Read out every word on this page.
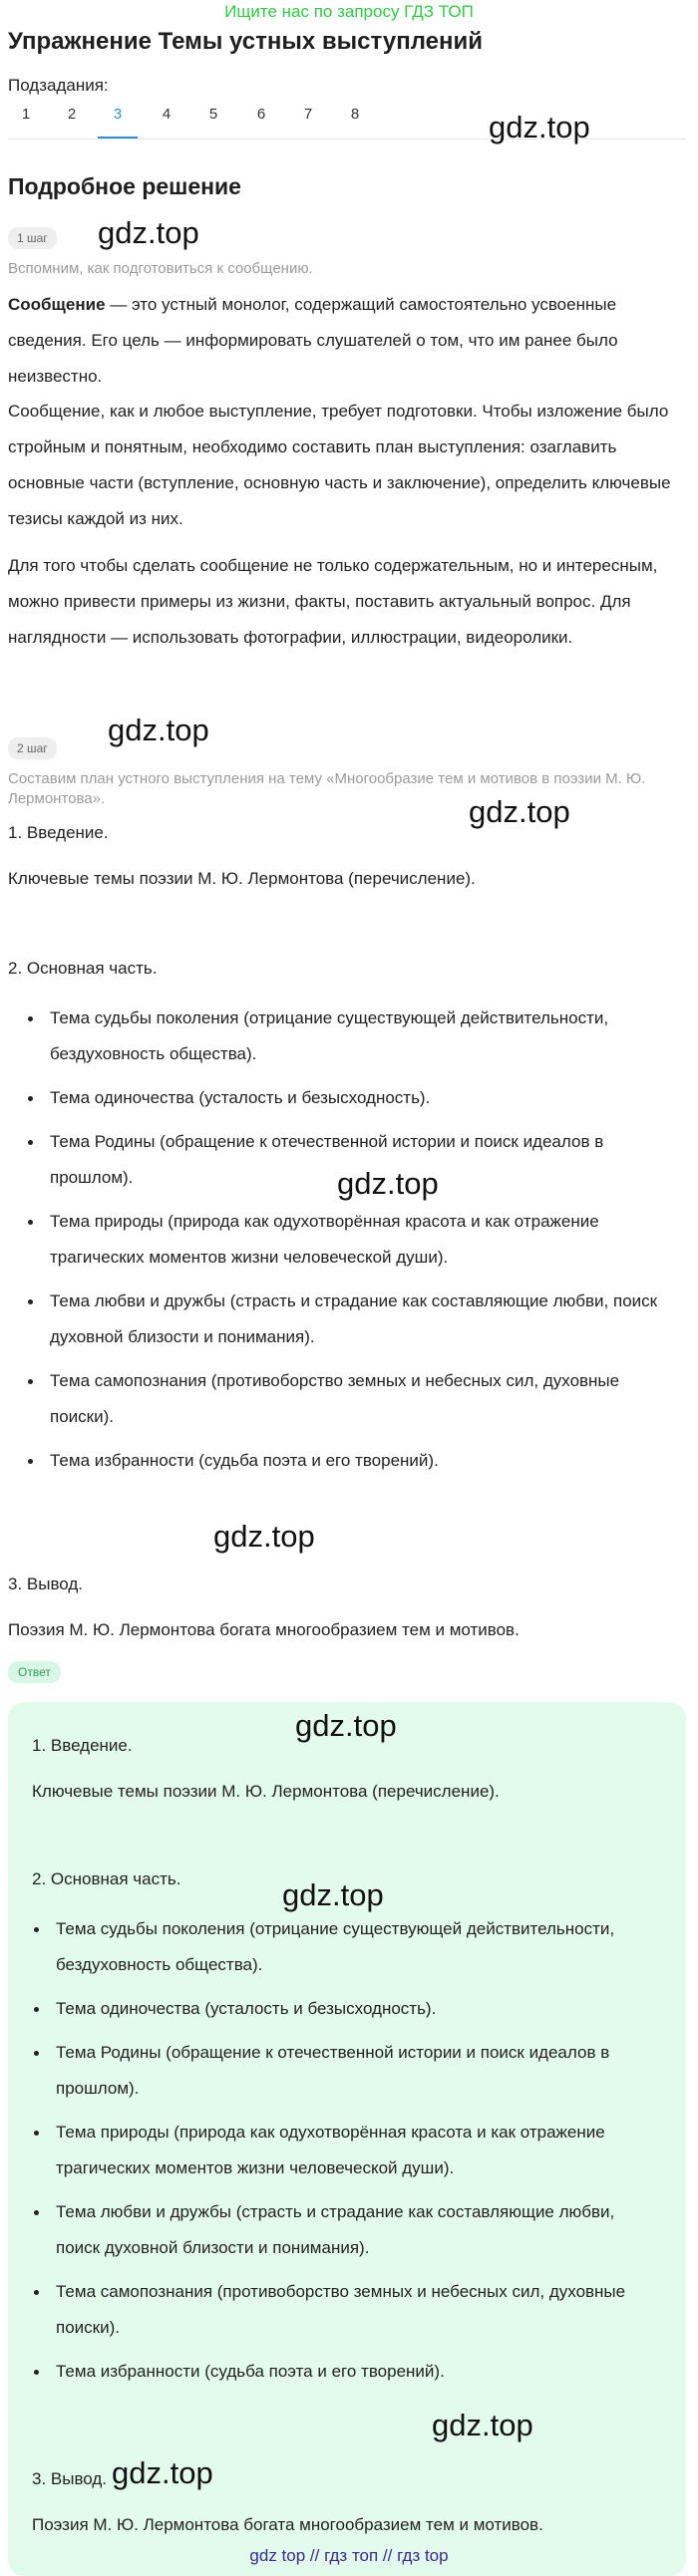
Ищите нас по запросу ГДЗ ТОП
Упражнение Темы устных выступлений
Подзадания:
1	2	3	4	5	6	7	8	gdz.top
Подробное решение
1 шаг gdz.top
Вспомним, как подготовиться к сообщению.
Сообщение — это устный монолог, содержащий самостоятельно усвоенные сведения. Его цель — информировать слушателей о том, что им ранее было неизвестно.
Сообщение, как и любое выступление, требует подготовки. Чтобы изложение было стройным и понятным, необходимо составить план выступления: озаглавить основные части (вступление, основную часть и заключение), определить ключевые тезисы каждой из них.
Для того чтобы сделать сообщение не только содержательным, но и интересным, можно привести примеры из жизни, факты, поставить актуальный вопрос. Для наглядности — использовать фотографии, иллюстрации, видеоролики.
2 шаг
gdz.top
Составим план устного выступления на тему «Многообразие тем и мотивов в поэзии М. Ю. Лермонтова».	gdz.top
1. Введение.
Ключевые темы поэзии М. Ю. Лермонтова (перечисление).
2. Основная часть.
Тема судьбы поколения (отрицание существующей действительности, бездуховность общества).
Тема одиночества (усталость и безысходность).
Тема Родины (обращение к отечественной истории и поиск идеалов в прошлом).
Тема природы (природа как одухотворённая красота и как отражение трагических моментов жизни человеческой души).
Тема любви и дружбы (страсть и страдание как составляющие любви, поиск духовной близости и понимания).
Тема самопознания (противоборство земных и небесных сил, духовные поиски).
Тема избранности (судьба поэта и его творений).
gdz.top
gdz.top
3. Вывод.
Поэзия М. Ю. Лермонтова богата многообразием тем и мотивов.
Ответ
gdz.top
1. Введение.
Ключевые темы поэзии М. Ю. Лермонтова (перечисление).
gdz.top
2. Основная часть.
Тема судьбы поколения (отрицание существующей действительности, бездуховность общества).
Тема одиночества (усталость и безысходность).
Тема Родины (обращение к отечественной истории и поиск идеалов в прошлом).
Тема природы (природа как одухотворённая красота и как отражение трагических моментов жизни человеческой души).
Тема любви и дружбы (страсть и страдание как составляющие любви, поиск духовной близости и понимания).
Тема самопознания (противоборство земных и небесных сил, духовные поиски).
Тема избранности (судьба поэта и его творений).
gdz.top
3. Вывод. gdz.top
Поэзия М. Ю. Лермонтова богата многообразием тем и мотивов.
gdz top // гдз топ // гдз top
